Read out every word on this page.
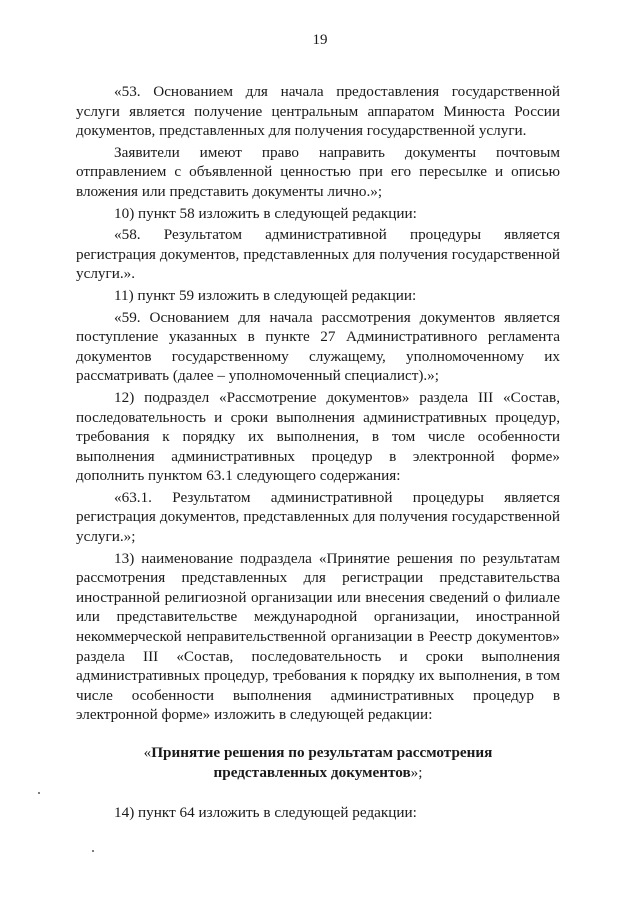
19

«53. Основанием для начала предоставления государственной услуги является получение центральным аппаратом Минюста России документов, представленных для получения государственной услуги.

Заявители имеют право направить документы почтовым отправлением с объявленной ценностью при его пересылке и описью вложения или представить документы лично.»;

10) пункт 58 изложить в следующей редакции:

«58. Результатом административной процедуры является регистрация документов, представленных для получения государственной услуги.».

11) пункт 59 изложить в следующей редакции:

«59. Основанием для начала рассмотрения документов является поступление указанных в пункте 27 Административного регламента документов государственному служащему, уполномоченному их рассматривать (далее – уполномоченный специалист).»;

12) подраздел «Рассмотрение документов» раздела III «Состав, последовательность и сроки выполнения административных процедур, требования к порядку их выполнения, в том числе особенности выполнения административных процедур в электронной форме» дополнить пунктом 63.1 следующего содержания:

«63.1. Результатом административной процедуры является регистрация документов, представленных для получения государственной услуги.»;

13) наименование подраздела «Принятие решения по результатам рассмотрения представленных для регистрации представительства иностранной религиозной организации или внесения сведений о филиале или представительстве международной организации, иностранной некоммерческой неправительственной организации в Реестр документов» раздела III «Состав, последовательность и сроки выполнения административных процедур, требования к порядку их выполнения, в том числе особенности выполнения административных процедур в электронной форме» изложить в следующей редакции:

«Принятие решения по результатам рассмотрения
представленных документов»;

14) пункт 64 изложить в следующей редакции:
